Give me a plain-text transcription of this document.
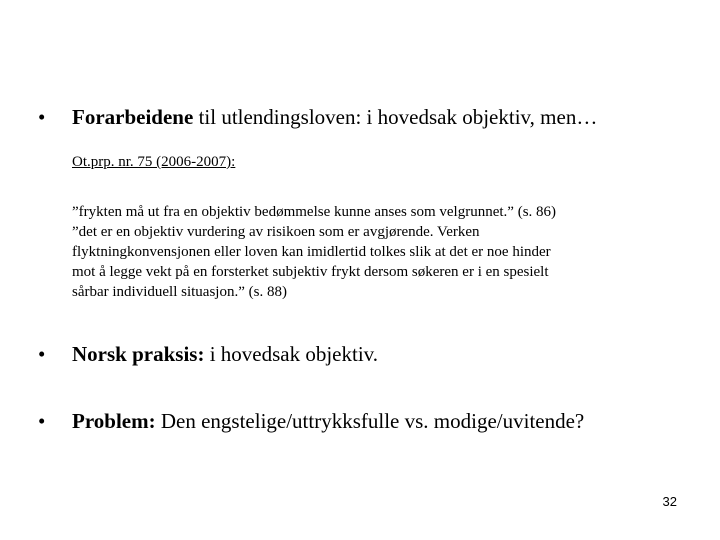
• Forarbeidene til utlendingsloven: i hovedsak objektiv, men…
Ot.prp. nr. 75 (2006-2007):
”frykten må ut fra en objektiv bedømmelse kunne anses som velgrunnet.” (s. 86)
”det er en objektiv vurdering av risikoen som er avgjørende. Verken
flyktningkonvensjonen eller loven kan imidlertid tolkes slik at det er noe hinder
mot å legge vekt på en forsterket subjektiv frykt dersom søkeren er i en spesielt
sårbar individuell situasjon.” (s. 88)
• Norsk praksis: i hovedsak objektiv.
• Problem: Den engstelige/uttrykksfulle vs. modige/uvitende?
32
